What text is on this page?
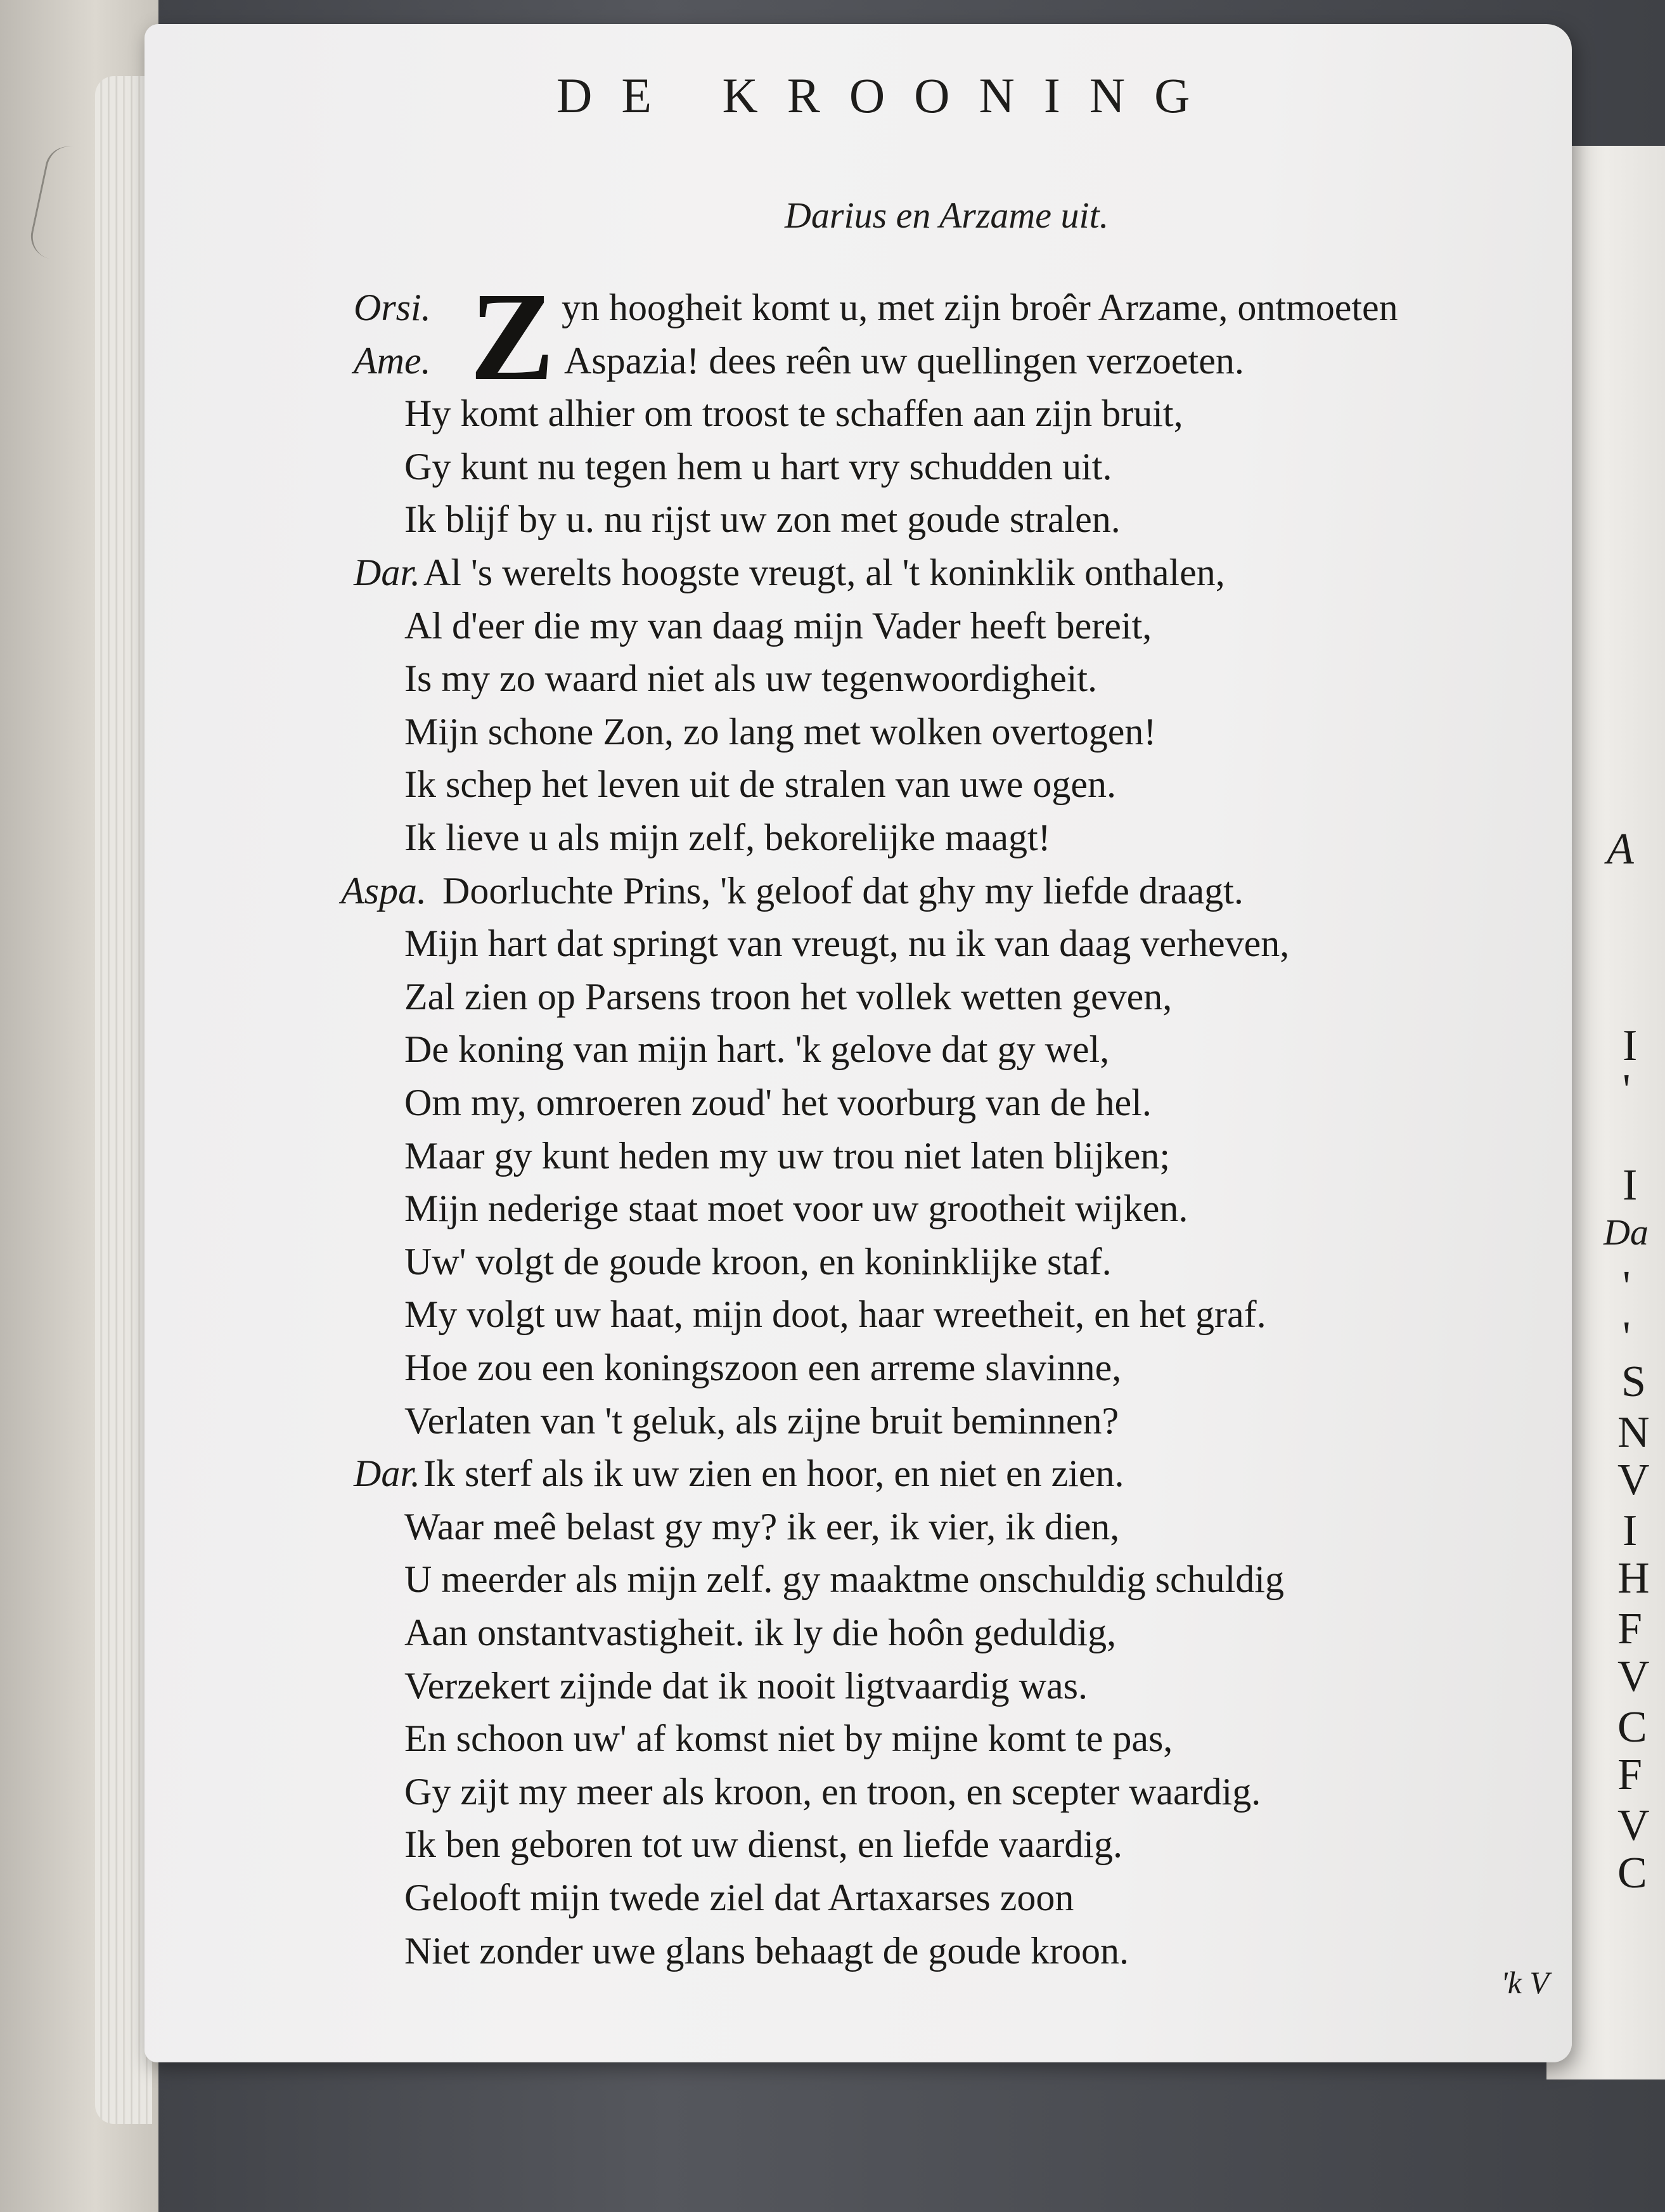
A
I
'
I
Da
'
'
S
N
V
I
H
F
V
C
F
V
C
DE KROONING
Darius en Arzame uit.
Z
Orsi.	yn hoogheit komt u, met zijn broêr Arzame, ontmoeten
Ame.	Aspazia! dees reên uw quellingen verzoeten.
Hy komt alhier om troost te schaffen aan zijn bruit,
Gy kunt nu tegen hem u hart vry schudden uit.
Ik blijf by u. nu rijst uw zon met goude stralen.
Dar. Al 's werelts hoogste vreugt, al 't koninklik onthalen,
Al d'eer die my van daag mijn Vader heeft bereit,
Is my zo waard niet als uw tegenwoordigheit.
Mijn schone Zon, zo lang met wolken overtogen!
Ik schep het leven uit de stralen van uwe ogen.
Ik lieve u als mijn zelf, bekorelijke maagt!
Aspa. Doorluchte Prins, 'k geloof dat ghy my liefde draagt.
Mijn hart dat springt van vreugt, nu ik van daag verheven,
Zal zien op Parsens troon het vollek wetten geven,
De koning van mijn hart. 'k gelove dat gy wel,
Om my, omroeren zoud' het voorburg van de hel.
Maar gy kunt heden my uw trou niet laten blijken;
Mijn nederige staat moet voor uw grootheit wijken.
Uw' volgt de goude kroon, en koninklijke staf.
My volgt uw haat, mijn doot, haar wreetheit, en het graf.
Hoe zou een koningszoon een arreme slavinne,
Verlaten van 't geluk, als zijne bruit beminnen?
Dar. Ik sterf als ik uw zien en hoor, en niet en zien.
Waar meê belast gy my? ik eer, ik vier, ik dien,
U meerder als mijn zelf. gy maaktme onschuldig schuldig
Aan onstantvastigheit. ik ly die hoôn geduldig,
Verzekert zijnde dat ik nooit ligtvaardig was.
En schoon uw' af komst niet by mijne komt te pas,
Gy zijt my meer als kroon, en troon, en scepter waardig.
Ik ben geboren tot uw dienst, en liefde vaardig.
Gelooft mijn twede ziel dat Artaxarses zoon
Niet zonder uwe glans behaagt de goude kroon.
'k V
